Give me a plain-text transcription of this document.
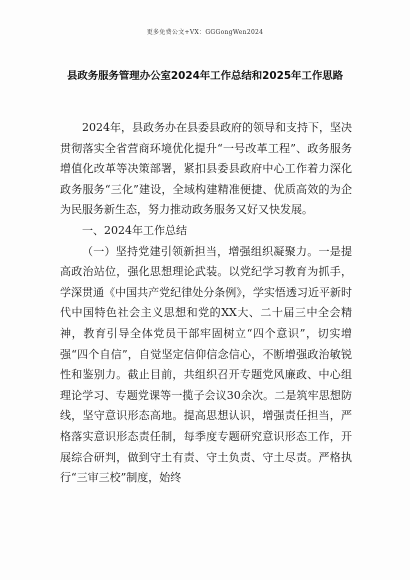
更多免费公文+VX：GGGongWen2024
县政务服务管理办公室2024年工作总结和2025年工作思路

2024年，县政务办在县委县政府的领导和支持下，坚决贯彻落实全省营商环境优化提升“一号改革工程”、政务服务增值化改革等决策部署，紧扣县委县政府中心工作着力深化政务服务“三化”建设，全域构建精准便捷、优质高效的为企为民服务新生态，努力推动政务服务又好又快发展。

一、2024年工作总结

（一）坚持党建引领新担当，增强组织凝聚力。一是提高政治站位，强化思想理论武装。以党纪学习教育为抓手，学深贯通《中国共产党纪律处分条例》，学实悟透习近平新时代中国特色社会主义思想和党的XX大、二十届三中全会精神，教育引导全体党员干部牢固树立“四个意识”，切实增强“四个自信”，自觉坚定信仰信念信心，不断增强政治敏锐性和鉴别力。截止目前，共组织召开专题党风廉政、中心组理论学习、专题党课等一揽子会议30余次。二是筑牢思想防线，坚守意识形态高地。提高思想认识，增强责任担当，严格落实意识形态责任制，每季度专题研究意识形态工作，开展综合研判，做到守土有责、守土负责、守土尽责。严格执行“三审三校”制度，始终
